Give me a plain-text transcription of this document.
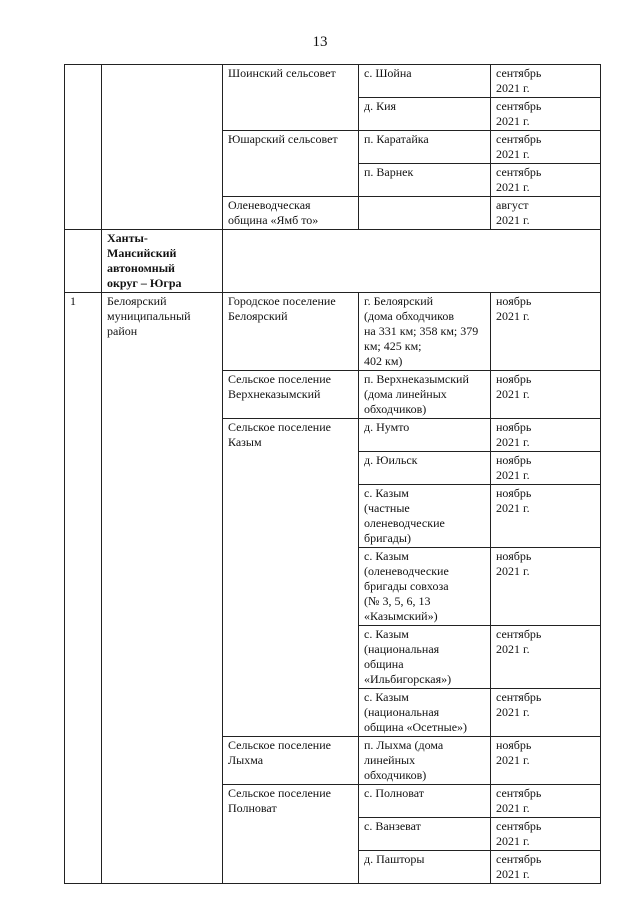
13
		Шоинский сельсовет	с. Шойна	сентябрь
2021 г.
			д. Кия	сентябрь
2021 г.
		Юшарский сельсовет	п. Каратайка	сентябрь
2021 г.
			п. Варнек	сентябрь
2021 г.
		Оленеводческая
община «Ямб то»		август
2021 г.
	Ханты-
Мансийский
автономный
округ – Югра			
1	Белоярский
муниципальный
район	Городское поселение
Белоярский	г. Белоярский
(дома обходчиков
на 331 км; 358 км; 379
км; 425 км;
402 км)	ноябрь
2021 г.
		Сельское поселение
Верхнеказымский	п. Верхнеказымский
(дома линейных
обходчиков)	ноябрь
2021 г.
		Сельское поселение
Казым	д. Нумто	ноябрь
2021 г.
			д. Юильск	ноябрь
2021 г.
			с. Казым
(частные
оленеводческие
бригады)	ноябрь
2021 г.
			с. Казым
(оленеводческие
бригады совхоза
(№ 3, 5, 6, 13
«Казымский»)	ноябрь
2021 г.
			с. Казым
(национальная
община
«Ильбигорская»)	сентябрь
2021 г.
			с. Казым
(национальная
община «Осетные»)	сентябрь
2021 г.
		Сельское поселение
Лыхма	п. Лыхма (дома
линейных
обходчиков)	ноябрь
2021 г.
		Сельское поселение
Полноват	с. Полноват	сентябрь
2021 г.
			с. Ванзеват	сентябрь
2021 г.
			д. Пашторы	сентябрь
2021 г.
